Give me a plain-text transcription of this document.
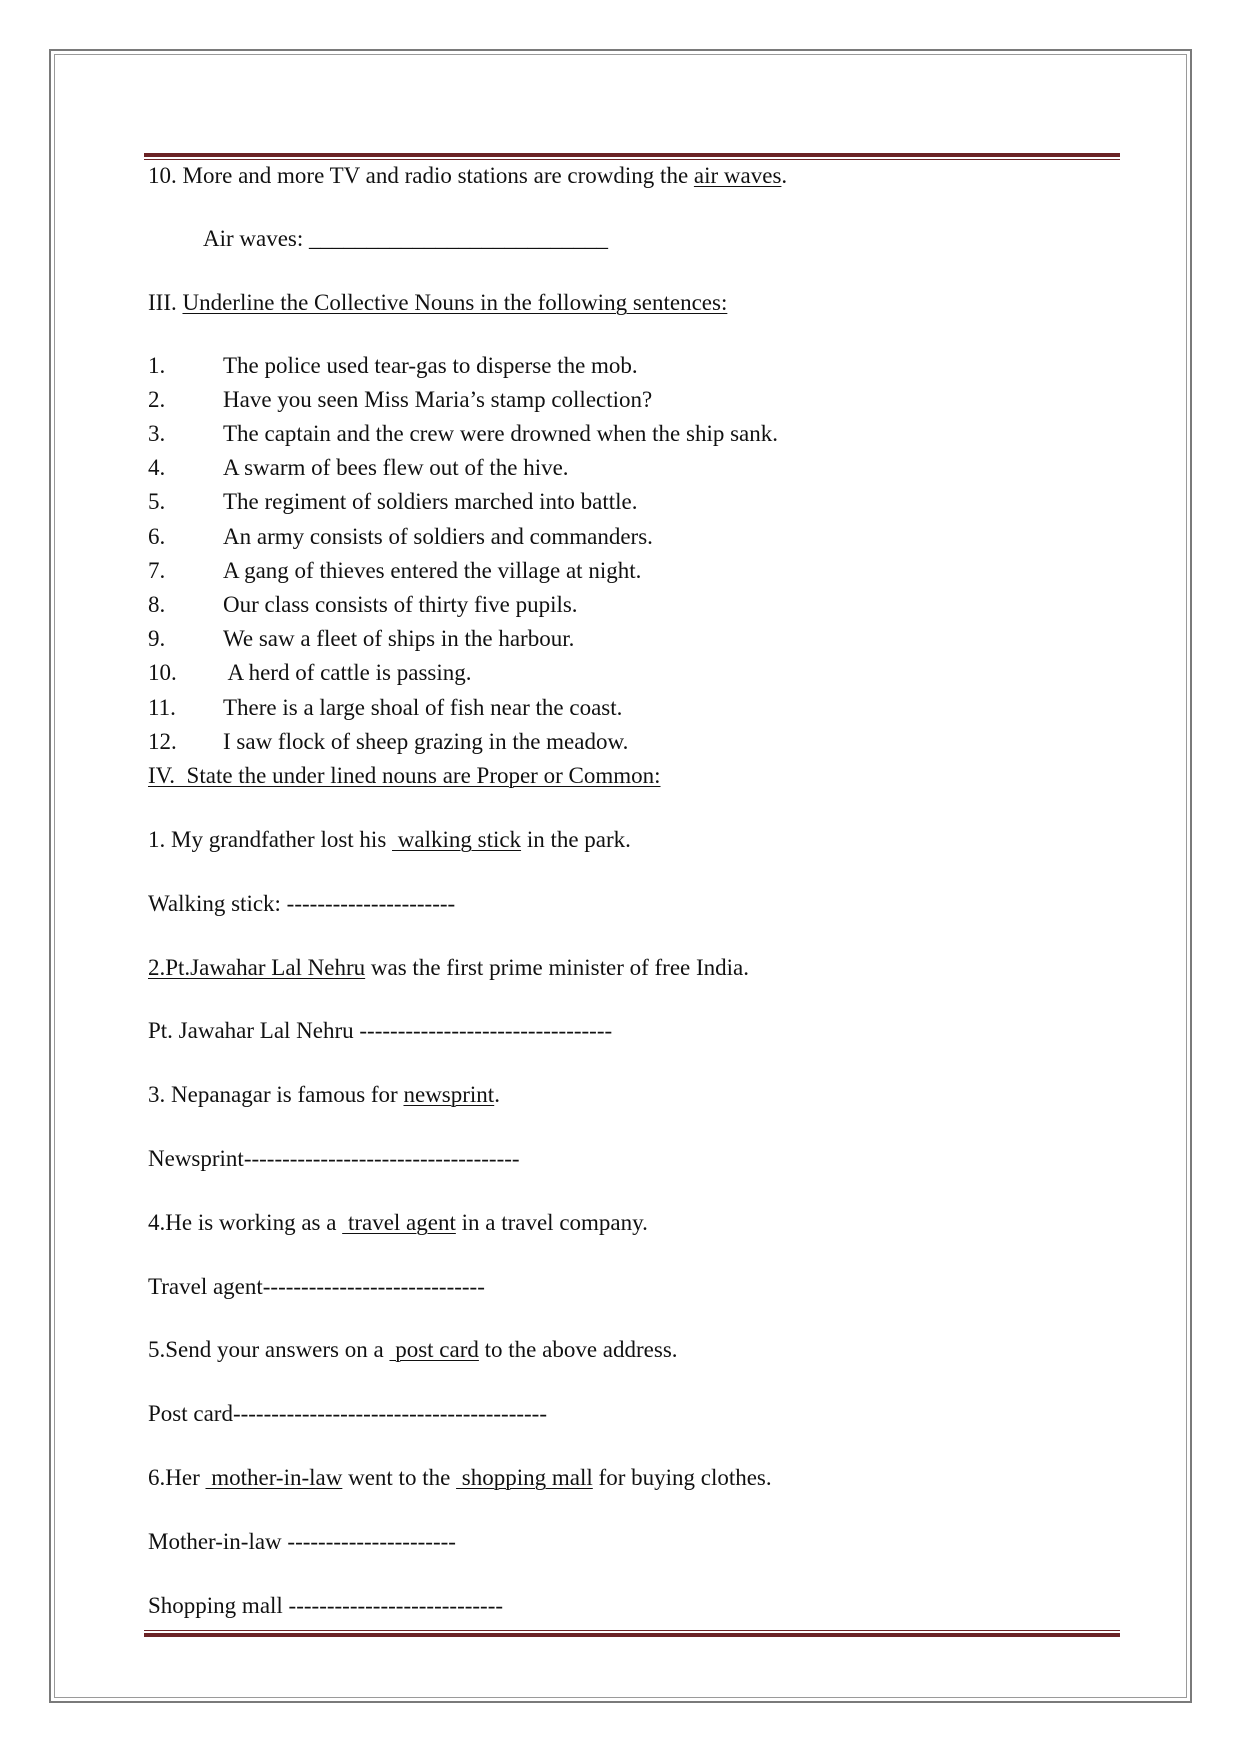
10. More and more TV and radio stations are crowding the air waves.
Air waves: __________________________
III. Underline the Collective Nouns in the following sentences:
1.	The police used tear-gas to disperse the mob.
2.	Have you seen Miss Maria’s stamp collection?
3.	The captain and the crew were drowned when the ship sank.
4.	A swarm of bees flew out of the hive.
5.	The regiment of soldiers marched into battle.
6.	An army consists of soldiers and commanders.
7.	A gang of thieves entered the village at night.
8.	Our class consists of thirty five pupils.
9.	We saw a fleet of ships in the harbour.
10. A herd of cattle is passing.
11. There is a large shoal of fish near the coast.
12. I saw flock of sheep grazing in the meadow.
IV.  State the under lined nouns are Proper or Common:
1. My grandfather lost his  walking stick in the park.
Walking stick: ----------------------
2.Pt.Jawahar Lal Nehru was the first prime minister of free India.
Pt. Jawahar Lal Nehru ---------------------------------
3. Nepanagar is famous for newsprint.
Newsprint------------------------------------
4.He is working as a  travel agent in a travel company.
Travel agent-----------------------------
5.Send your answers on a  post card to the above address.
Post card-----------------------------------------
6.Her  mother-in-law went to the  shopping mall for buying clothes.
Mother-in-law ----------------------
Shopping mall ----------------------------
